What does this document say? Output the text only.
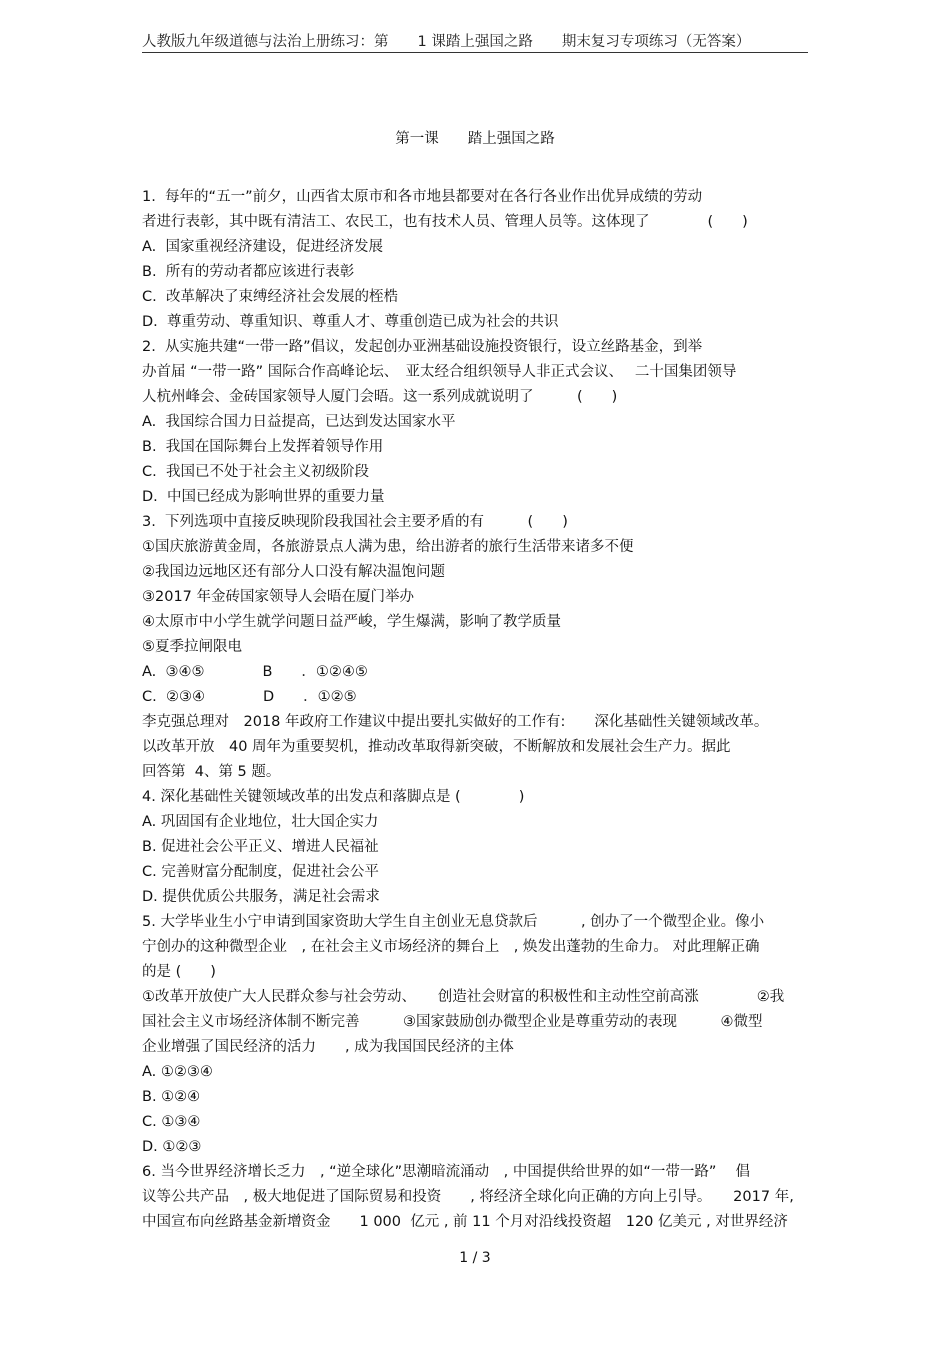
人教版九年级道德与法治上册练习：第　　1 课踏上强国之路　　期末复习专项练习（无答案）
第一课　　踏上强国之路
1.  每年的“五一”前夕，山西省太原市和各市地县都要对在各行各业作出优异成绩的劳动
者进行表彰，其中既有清洁工、农民工，也有技术人员、管理人员等。这体现了　　　　(　　)
A.  国家重视经济建设，促进经济发展
B.  所有的劳动者都应该进行表彰
C.  改革解决了束缚经济社会发展的桎梏
D.  尊重劳动、尊重知识、尊重人才、尊重创造已成为社会的共识
2.  从实施共建“一带一路”倡议，发起创办亚洲基础设施投资银行，设立丝路基金，到举
办首届 “一带一路” 国际合作高峰论坛、　亚太经合组织领导人非正式会议、　 二十国集团领导
人杭州峰会、金砖国家领导人厦门会晤。这一系列成就说明了　　　(　　)
A.  我国综合国力日益提高，已达到发达国家水平
B.  我国在国际舞台上发挥着领导作用
C.  我国已不处于社会主义初级阶段
D.  中国已经成为影响世界的重要力量
3.  下列选项中直接反映现阶段我国社会主要矛盾的有　　　(　　)
①国庆旅游黄金周，各旅游景点人满为患，给出游者的旅行生活带来诸多不便
②我国边远地区还有部分人口没有解决温饱问题
③2017 年金砖国家领导人会晤在厦门举办
④太原市中小学生就学问题日益严峻，学生爆满，影响了教学质量
⑤夏季拉闸限电
A.  ③④⑤　　　　B　　．①②④⑤
C.  ②③④　　　　D　　．①②⑤
李克强总理对　2018 年政府工作建议中提出要扎实做好的工作有:　　深化基础性关键领域改革。
以改革开放　40 周年为重要契机，推动改革取得新突破，不断解放和发展社会生产力。据此
回答第  4、第 5 题。
4. 深化基础性关键领域改革的出发点和落脚点是 (　　　　)
A. 巩固国有企业地位，壮大国企实力
B. 促进社会公平正义、增进人民福祉
C. 完善财富分配制度，促进社会公平
D. 提供优质公共服务，满足社会需求
5. 大学毕业生小宁申请到国家资助大学生自主创业无息贷款后　　　, 创办了一个微型企业。像小
宁创办的这种微型企业　, 在社会主义市场经济的舞台上　, 焕发出蓬勃的生命力。 对此理解正确
的是 (　　)
①改革开放使广大人民群众参与社会劳动、　　创造社会财富的积极性和主动性空前高涨　　　　②我
国社会主义市场经济体制不断完善　　　③国家鼓励创办微型企业是尊重劳动的表现　　　④微型
企业增强了国民经济的活力　　, 成为我国国民经济的主体
A. ①②③④
B. ①②④
C. ①③④
D. ①②③
6. 当今世界经济增长乏力　, “逆全球化”思潮暗流涌动　, 中国提供给世界的如“一带一路”　 倡
议等公共产品　, 极大地促进了国际贸易和投资　　, 将经济全球化向正确的方向上引导。　　2017 年,
中国宣布向丝路基金新增资金　　1 000  亿元 , 前 11 个月对沿线投资超　120 亿美元 , 对世界经济
1 / 3
